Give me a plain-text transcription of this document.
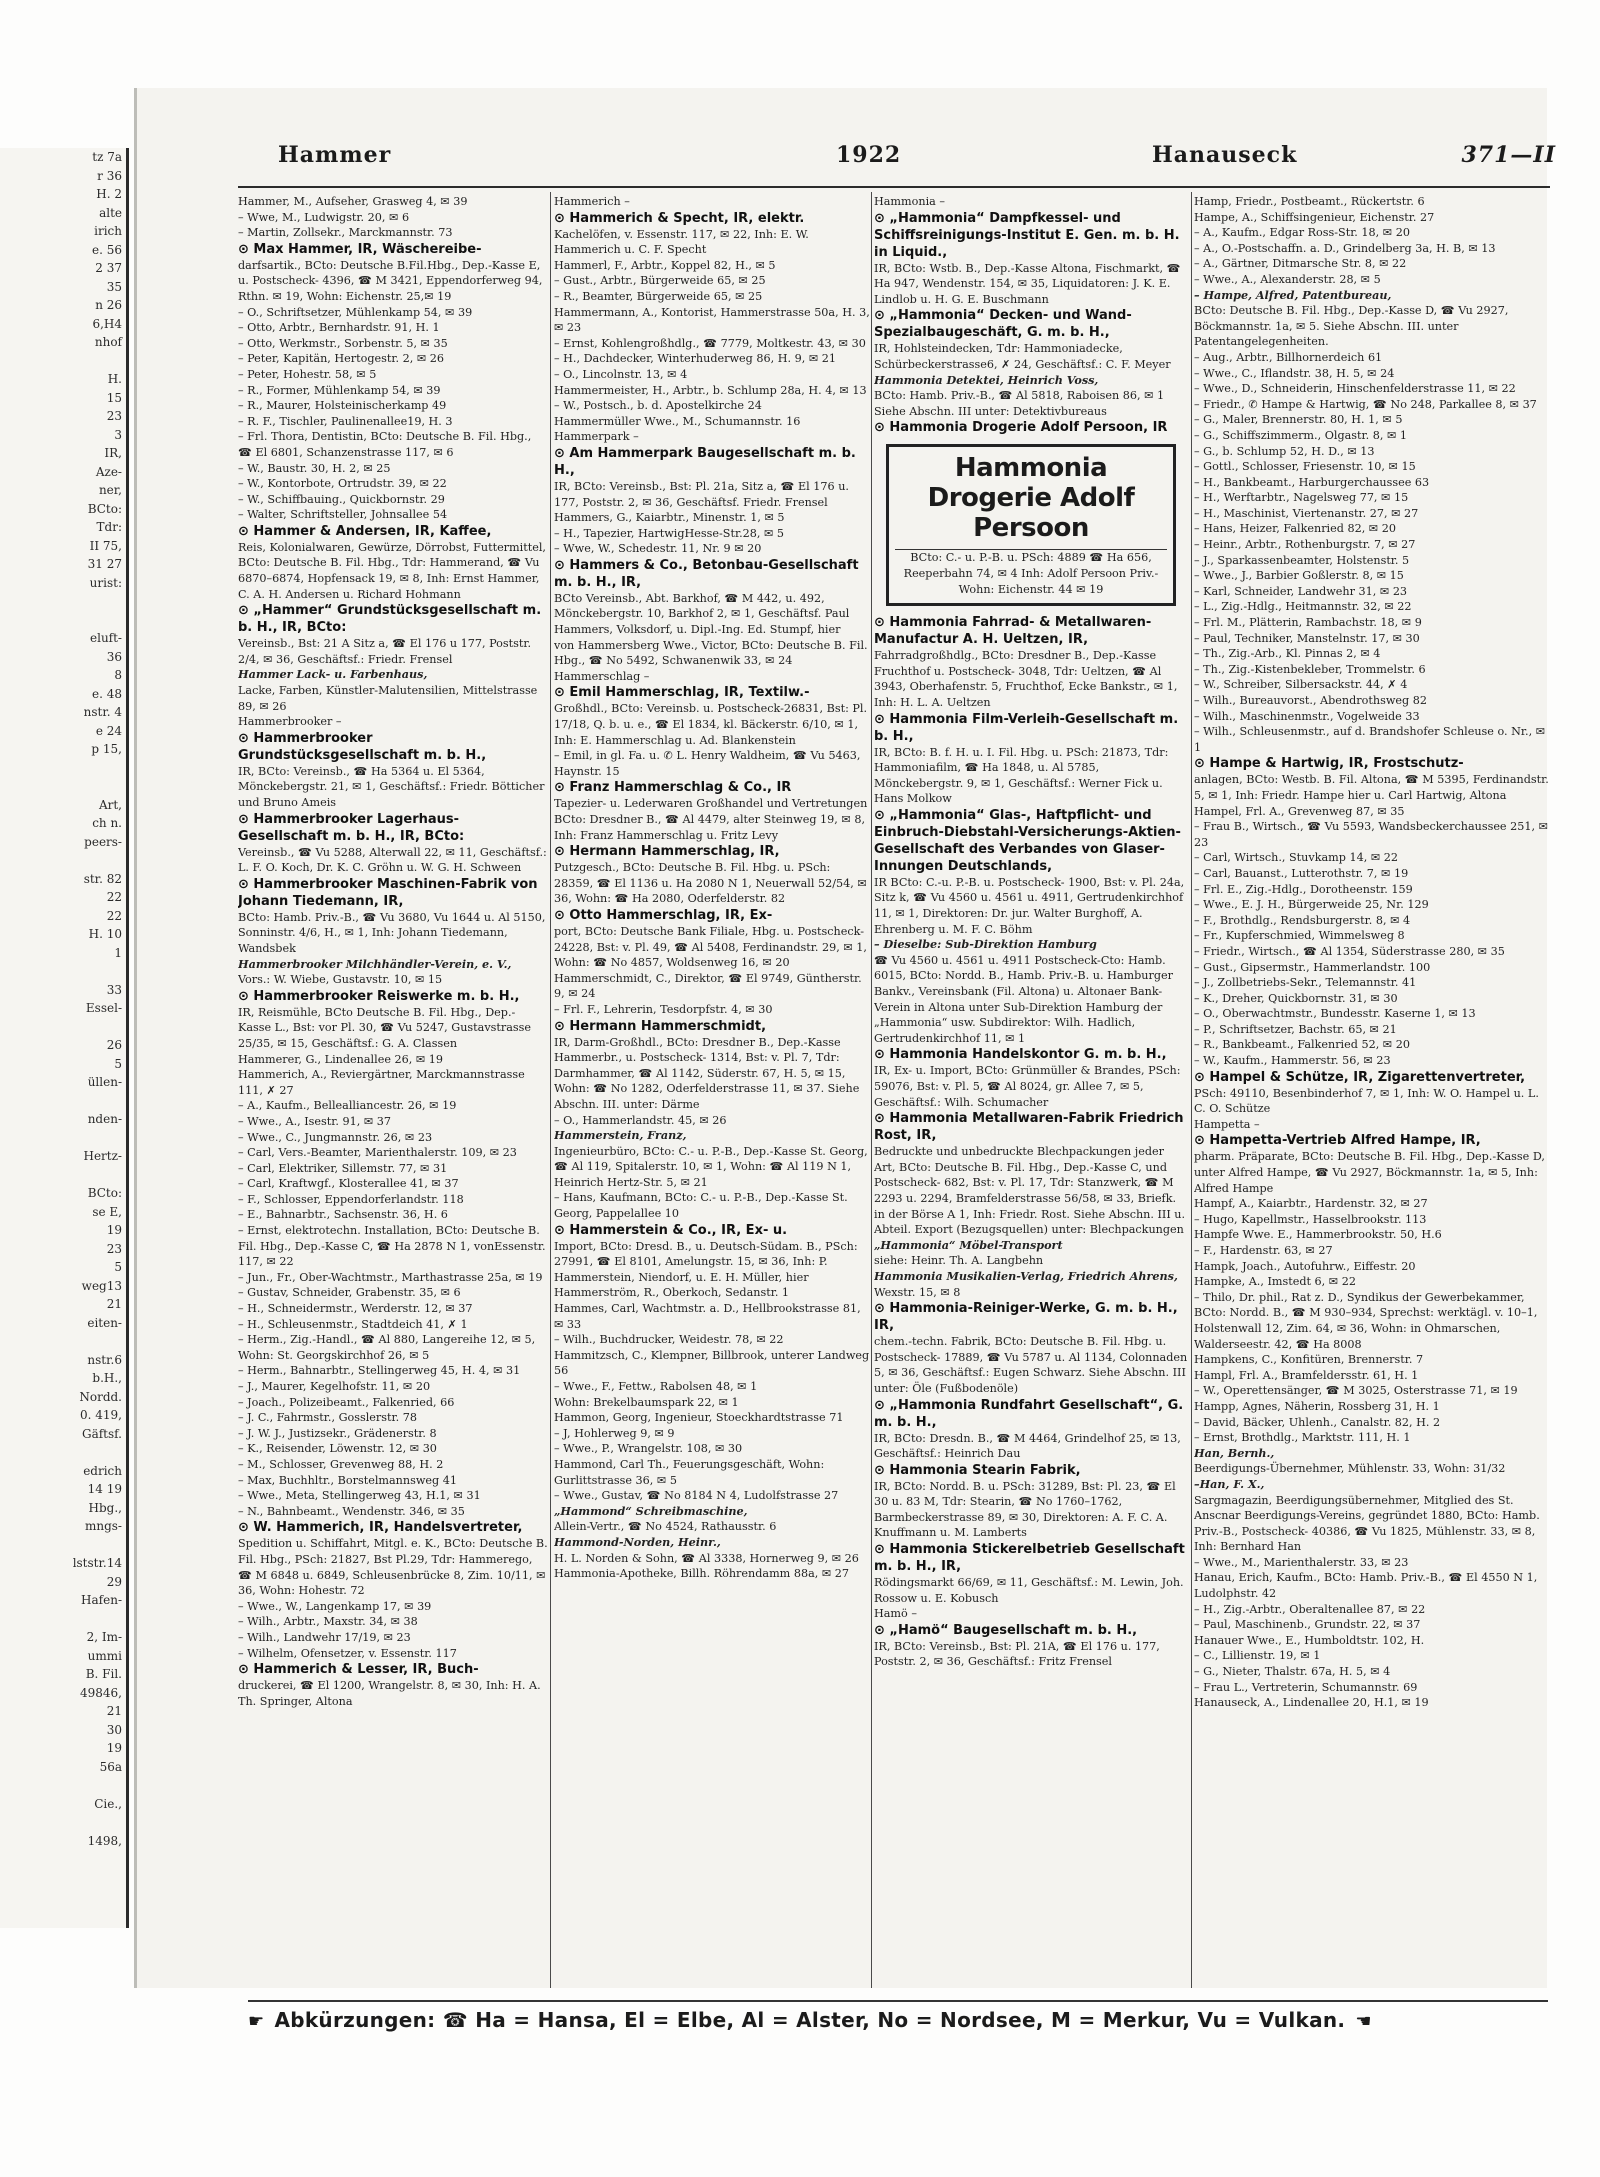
tz 7a
r 36
H. 2
alte
irich
e. 56
2 37
35
n 26
6,H4
nhof
H.
15
23
3
IR,
Aze-
ner,
BCto:
Tdr:
II 75,
31 27
urist:
eluft-
36
8
e. 48
nstr. 4
e 24
p 15,
Art,
ch n.
peers-
str. 82
22
22
H. 10
1
33
Essel-
26
5
üllen-
nden-
Hertz-
BCto:
se E,
19
23
5
weg13
21
eiten-
nstr.6
b.H.,
Nordd.
0. 419,
Gäftsf.
edrich
14 19
Hbg.,
mngs-
lststr.14
29
Hafen-
2, Im-
ummi
B. Fil.
49846,
21
30
19
56a
Cie.,
1498,
Hammer	1922	Hanauseck	371—II
Hammer, M., Aufseher, Grasweg 4, ✉ 39
– Wwe, M., Ludwigstr. 20, ✉ 6
– Martin, Zollsekr., Marckmannstr. 73
⊙ Max Hammer, IR, Wäschereibe-
darfsartik., BCto: Deutsche B.Fil.Hbg., Dep.-Kasse E, u. Postscheck- 4396, ☎ M 3421, Eppendorferweg 94, Rthn. ✉ 19, Wohn: Eichenstr. 25,✉ 19
– O., Schriftsetzer, Mühlenkamp 54, ✉ 39
– Otto, Arbtr., Bernhardstr. 91, H. 1
– Otto, Werkmstr., Sorbenstr. 5, ✉ 35
– Peter, Kapitän, Hertogestr. 2, ✉ 26
– Peter, Hohestr. 58, ✉ 5
– R., Former, Mühlenkamp 54, ✉ 39
– R., Maurer, Holsteinischerkamp 49
– R. F., Tischler, Paulinenallee19, H. 3
– Frl. Thora, Dentistin, BCto: Deutsche B. Fil. Hbg., ☎ El 6801, Schanzenstrasse 117, ✉ 6
– W., Baustr. 30, H. 2, ✉ 25
– W., Kontorbote, Ortrudstr. 39, ✉ 22
– W., Schiffbauing., Quickbornstr. 29
– Walter, Schriftsteller, Johnsallee 54
⊙ Hammer & Andersen, IR, Kaffee,
Reis, Kolonialwaren, Gewürze, Dörrobst, Futtermittel, BCto: Deutsche B. Fil. Hbg., Tdr: Hammerand, ☎ Vu 6870–6874, Hopfensack 19, ✉ 8, Inh: Ernst Hammer, C. A. H. Andersen u. Richard Hohmann
⊙ „Hammer“ Grundstücksgesellschaft m. b. H., IR, BCto:
Vereinsb., Bst: 21 A Sitz a, ☎ El 176 u 177, Poststr. 2/4, ✉ 36, Geschäftsf.: Friedr. Frensel
Hammer Lack- u. Farbenhaus,
Lacke, Farben, Künstler-Malutensilien, Mittelstrasse 89, ✉ 26
Hammerbrooker –
⊙ Hammerbrooker Grundstücksgesellschaft m. b. H.,
IR, BCto: Vereinsb., ☎ Ha 5364 u. El 5364, Mönckebergstr. 21, ✉ 1, Geschäftsf.: Friedr. Bötticher und Bruno Ameis
⊙ Hammerbrooker Lagerhaus-Gesellschaft m. b. H., IR, BCto:
Vereinsb., ☎ Vu 5288, Alterwall 22, ✉ 11, Geschäftsf.: L. F. O. Koch, Dr. K. C. Gröhn u. W. G. H. Schween
⊙ Hammerbrooker Maschinen-Fabrik von Johann Tiedemann, IR,
BCto: Hamb. Priv.-B., ☎ Vu 3680, Vu 1644 u. Al 5150, Sonninstr. 4/6, H., ✉ 1, Inh: Johann Tiedemann, Wandsbek
Hammerbrooker Milchhändler-Verein, e. V.,
Vors.: W. Wiebe, Gustavstr. 10, ✉ 15
⊙ Hammerbrooker Reiswerke m. b. H.,
IR, Reismühle, BCto Deutsche B. Fil. Hbg., Dep.-Kasse L., Bst: vor Pl. 30, ☎ Vu 5247, Gustavstrasse 25/35, ✉ 15, Geschäftsf.: G. A. Classen
Hammerer, G., Lindenallee 26, ✉ 19
Hammerich, A., Reviergärtner, Marckmannstrasse 111, ✗ 27
– A., Kaufm., Bellealliancestr. 26, ✉ 19
– Wwe., A., Isestr. 91, ✉ 37
– Wwe., C., Jungmannstr. 26, ✉ 23
– Carl, Vers.-Beamter, Marienthalerstr. 109, ✉ 23
– Carl, Elektriker, Sillemstr. 77, ✉ 31
– Carl, Kraftwgf., Klosterallee 41, ✉ 37
– F., Schlosser, Eppendorferlandstr. 118
– E., Bahnarbtr., Sachsenstr. 36, H. 6
– Ernst, elektrotechn. Installation, BCto: Deutsche B. Fil. Hbg., Dep.-Kasse C, ☎ Ha 2878 N 1, vonEssenstr. 117, ✉ 22
– Jun., Fr., Ober-Wachtmstr., Marthastrasse 25a, ✉ 19
– Gustav, Schneider, Grabenstr. 35, ✉ 6
– H., Schneidermstr., Werderstr. 12, ✉ 37
– H., Schleusenmstr., Stadtdeich 41, ✗ 1
– Herm., Zig.-Handl., ☎ Al 880, Langereihe 12, ✉ 5, Wohn: St. Georgskirchhof 26, ✉ 5
– Herm., Bahnarbtr., Stellingerweg 45, H. 4, ✉ 31
– J., Maurer, Kegelhofstr. 11, ✉ 20
– Joach., Polizeibeamt., Falkenried, 66
– J. C., Fahrmstr., Gosslerstr. 78
– J. W. J., Justizsekr., Grädenerstr. 8
– K., Reisender, Löwenstr. 12, ✉ 30
– M., Schlosser, Grevenweg 88, H. 2
– Max, Buchhltr., Borstelmannsweg 41
– Wwe., Meta, Stellingerweg 43, H.1, ✉ 31
– N., Bahnbeamt., Wendenstr. 346, ✉ 35
⊙ W. Hammerich, IR, Handelsvertreter,
Spedition u. Schiffahrt, Mitgl. e. K., BCto: Deutsche B. Fil. Hbg., PSch: 21827, Bst Pl.29, Tdr: Hammerego, ☎ M 6848 u. 6849, Schleusenbrücke 8, Zim. 10/11, ✉ 36, Wohn: Hohestr. 72
– Wwe., W., Langenkamp 17, ✉ 39
– Wilh., Arbtr., Maxstr. 34, ✉ 38
– Wilh., Landwehr 17/19, ✉ 23
– Wilhelm, Ofensetzer, v. Essenstr. 117
⊙ Hammerich & Lesser, IR, Buch-
druckerei, ☎ El 1200, Wrangelstr. 8, ✉ 30, Inh: H. A. Th. Springer, Altona
Hammerich –
⊙ Hammerich & Specht, IR, elektr.
Kachelöfen, v. Essenstr. 117, ✉ 22, Inh: E. W. Hammerich u. C. F. Specht
Hammerl, F., Arbtr., Koppel 82, H., ✉ 5
– Gust., Arbtr., Bürgerweide 65, ✉ 25
– R., Beamter, Bürgerweide 65, ✉ 25
Hammermann, A., Kontorist, Hammerstrasse 50a, H. 3, ✉ 23
– Ernst, Kohlengroßhdlg., ☎ 7779, Moltkestr. 43, ✉ 30
– H., Dachdecker, Winterhuderweg 86, H. 9, ✉ 21
– O., Lincolnstr. 13, ✉ 4
Hammermeister, H., Arbtr., b. Schlump 28a, H. 4, ✉ 13
– W., Postsch., b. d. Apostelkirche 24
Hammermüller Wwe., M., Schumannstr. 16
Hammerpark –
⊙ Am Hammerpark Baugesellschaft m. b. H.,
IR, BCto: Vereinsb., Bst: Pl. 21a, Sitz a, ☎ El 176 u. 177, Poststr. 2, ✉ 36, Geschäftsf. Friedr. Frensel
Hammers, G., Kaiarbtr., Minenstr. 1, ✉ 5
– H., Tapezier, HartwigHesse-Str.28, ✉ 5
– Wwe, W., Schedestr. 11, Nr. 9 ✉ 20
⊙ Hammers & Co., Betonbau-Gesellschaft m. b. H., IR,
BCto Vereinsb., Abt. Barkhof, ☎ M 442, u. 492, Mönckebergstr. 10, Barkhof 2, ✉ 1, Geschäftsf. Paul Hammers, Volksdorf, u. Dipl.-Ing. Ed. Stumpf, hier
von Hammersberg Wwe., Victor, BCto: Deutsche B. Fil. Hbg., ☎ No 5492, Schwanenwik 33, ✉ 24
Hammerschlag –
⊙ Emil Hammerschlag, IR, Textilw.-
Großhdl., BCto: Vereinsb. u. Postscheck-26831, Bst: Pl. 17/18, Q. b. u. e., ☎ El 1834, kl. Bäckerstr. 6/10, ✉ 1, Inh: E. Hammerschlag u. Ad. Blankenstein
– Emil, in gl. Fa. u. ✆ L. Henry Waldheim, ☎ Vu 5463, Haynstr. 15
⊙ Franz Hammerschlag & Co., IR
Tapezier- u. Lederwaren Großhandel und Vertretungen BCto: Dresdner B., ☎ Al 4479, alter Steinweg 19, ✉ 8, Inh: Franz Hammerschlag u. Fritz Levy
⊙ Hermann Hammerschlag, IR,
Putzgesch., BCto: Deutsche B. Fil. Hbg. u. PSch: 28359, ☎ El 1136 u. Ha 2080 N 1, Neuerwall 52/54, ✉ 36, Wohn: ☎ Ha 2080, Oderfelderstr. 82
⊙ Otto Hammerschlag, IR, Ex-
port, BCto: Deutsche Bank Filiale, Hbg. u. Postscheck- 24228, Bst: v. Pl. 49, ☎ Al 5408, Ferdinandstr. 29, ✉ 1, Wohn: ☎ No 4857, Woldsenweg 16, ✉ 20
Hammerschmidt, C., Direktor, ☎ El 9749, Güntherstr. 9, ✉ 24
– Frl. F., Lehrerin, Tesdorpfstr. 4, ✉ 30
⊙ Hermann Hammerschmidt,
IR, Darm-Großhdl., BCto: Dresdner B., Dep.-Kasse Hammerbr., u. Postscheck- 1314, Bst: v. Pl. 7, Tdr: Darmhammer, ☎ Al 1142, Süderstr. 67, H. 5, ✉ 15, Wohn: ☎ No 1282, Oderfelderstrasse 11, ✉ 37. Siehe Abschn. III. unter: Därme
– O., Hammerlandstr. 45, ✉ 26
Hammerstein, Franz,
Ingenieurbüro, BCto: C.- u. P.-B., Dep.-Kasse St. Georg, ☎ Al 119, Spitalerstr. 10, ✉ 1, Wohn: ☎ Al 119 N 1, Heinrich Hertz-Str. 5, ✉ 21
– Hans, Kaufmann, BCto: C.- u. P.-B., Dep.-Kasse St. Georg, Pappelallee 10
⊙ Hammerstein & Co., IR, Ex- u.
Import, BCto: Dresd. B., u. Deutsch-Südam. B., PSch: 27991, ☎ El 8101, Amelungstr. 15, ✉ 36, Inh: P. Hammerstein, Niendorf, u. E. H. Müller, hier
Hammerström, R., Oberkoch, Sedanstr. 1
Hammes, Carl, Wachtmstr. a. D., Hellbrookstrasse 81, ✉ 33
– Wilh., Buchdrucker, Weidestr. 78, ✉ 22
Hammitzsch, C., Klempner, Billbrook, unterer Landweg 56
– Wwe., F., Fettw., Rabolsen 48, ✉ 1
Wohn: Brekelbaumspark 22, ✉ 1
Hammon, Georg, Ingenieur, Stoeckhardtstrasse 71
– J, Hohlerweg 9, ✉ 9
– Wwe., P., Wrangelstr. 108, ✉ 30
Hammond, Carl Th., Feuerungsgeschäft, Wohn: Gurlittstrasse 36, ✉ 5
– Wwe., Gustav, ☎ No 8184 N 4, Ludolfstrasse 27
„Hammond“ Schreibmaschine,
Allein-Vertr., ☎ No 4524, Rathausstr. 6
Hammond-Norden, Heinr.,
H. L. Norden & Sohn, ☎ Al 3338, Hornerweg 9, ✉ 26
Hammonia-Apotheke, Billh. Röhrendamm 88a, ✉ 27
Hammonia –
⊙ „Hammonia“ Dampfkessel- und Schiffsreinigungs-Institut E. Gen. m. b. H. in Liquid.,
IR, BCto: Wstb. B., Dep.-Kasse Altona, Fischmarkt, ☎ Ha 947, Wendenstr. 154, ✉ 35, Liquidatoren: J. K. E. Lindlob u. H. G. E. Buschmann
⊙ „Hammonia“ Decken- und Wand-Spezialbaugeschäft, G. m. b. H.,
IR, Hohlsteindecken, Tdr: Hammoniadecke, Schürbeckerstrasse6, ✗ 24, Geschäftsf.: C. F. Meyer
Hammonia Detektei, Heinrich Voss,
BCto: Hamb. Priv.-B., ☎ Al 5818, Raboisen 86, ✉ 1
Siehe Abschn. III unter: Detektivbureaus
⊙ Hammonia Drogerie Adolf Persoon, IR
Hammonia Drogerie Adolf Persoon
BCto: C.- u. P.-B. u. PSch: 4889 ☎ Ha 656, Reeperbahn 74, ✉ 4 Inh: Adolf Persoon Priv.-Wohn: Eichenstr. 44 ✉ 19
⊙ Hammonia Fahrrad- & Metallwaren-Manufactur A. H. Ueltzen, IR,
Fahrradgroßhdlg., BCto: Dresdner B., Dep.-Kasse Fruchthof u. Postscheck- 3048, Tdr: Ueltzen, ☎ Al 3943, Oberhafenstr. 5, Fruchthof, Ecke Bankstr., ✉ 1, Inh: H. L. A. Ueltzen
⊙ Hammonia Film-Verleih-Gesellschaft m. b. H.,
IR, BCto: B. f. H. u. I. Fil. Hbg. u. PSch: 21873, Tdr: Hammoniafilm, ☎ Ha 1848, u. Al 5785, Mönckebergstr. 9, ✉ 1, Geschäftsf.: Werner Fick u. Hans Molkow
⊙ „Hammonia“ Glas-, Haftpflicht- und Einbruch-Diebstahl-Versicherungs-Aktien-Gesellschaft des Verbandes von Glaser-Innungen Deutschlands,
IR BCto: C.-u. P.-B. u. Postscheck- 1900, Bst: v. Pl. 24a, Sitz k, ☎ Vu 4560 u. 4561 u. 4911, Gertrudenkirchhof 11, ✉ 1, Direktoren: Dr. jur. Walter Burghoff, A. Ehrenberg u. M. F. C. Böhm
– Dieselbe: Sub-Direktion Hamburg
☎ Vu 4560 u. 4561 u. 4911 Postscheck-Cto: Hamb. 6015, BCto: Nordd. B., Hamb. Priv.-B. u. Hamburger Bankv., Vereinsbank (Fil. Altona) u. Altonaer Bank-Verein in Altona unter Sub-Direktion Hamburg der „Hammonia“ usw. Subdirektor: Wilh. Hadlich, Gertrudenkirchhof 11, ✉ 1
⊙ Hammonia Handelskontor G. m. b. H.,
IR, Ex- u. Import, BCto: Grünmüller & Brandes, PSch: 59076, Bst: v. Pl. 5, ☎ Al 8024, gr. Allee 7, ✉ 5, Geschäftsf.: Wilh. Schumacher
⊙ Hammonia Metallwaren-Fabrik Friedrich Rost, IR,
Bedruckte und unbedruckte Blechpackungen jeder Art, BCto: Deutsche B. Fil. Hbg., Dep.-Kasse C, und Postscheck- 682, Bst: v. Pl. 17, Tdr: Stanzwerk, ☎ M 2293 u. 2294, Bramfelderstrasse 56/58, ✉ 33, Briefk. in der Börse A 1, Inh: Friedr. Rost. Siehe Abschn. III u. Abteil. Export (Bezugsquellen) unter: Blechpackungen
„Hammonia“ Möbel-Transport
siehe: Heinr. Th. A. Langbehn
Hammonia Musikalien-Verlag, Friedrich Ahrens,
Wexstr. 15, ✉ 8
⊙ Hammonia-Reiniger-Werke, G. m. b. H., IR,
chem.-techn. Fabrik, BCto: Deutsche B. Fil. Hbg. u. Postscheck- 17889, ☎ Vu 5787 u. Al 1134, Colonnaden 5, ✉ 36, Geschäftsf.: Eugen Schwarz. Siehe Abschn. III unter: Öle (Fußbodenöle)
⊙ „Hammonia Rundfahrt Gesellschaft“, G. m. b. H.,
IR, BCto: Dresdn. B., ☎ M 4464, Grindelhof 25, ✉ 13, Geschäftsf.: Heinrich Dau
⊙ Hammonia Stearin Fabrik,
IR, BCto: Nordd. B. u. PSch: 31289, Bst: Pl. 23, ☎ El 30 u. 83 M, Tdr: Stearin, ☎ No 1760–1762, Barmbeckerstrasse 89, ✉ 30, Direktoren: A. F. C. A. Knuffmann u. M. Lamberts
⊙ Hammonia Stickerelbetrieb Gesellschaft m. b. H., IR,
Rödingsmarkt 66/69, ✉ 11, Geschäftsf.: M. Lewin, Joh. Rossow u. E. Kobusch
Hamö –
⊙ „Hamö“ Baugesellschaft m. b. H.,
IR, BCto: Vereinsb., Bst: Pl. 21A, ☎ El 176 u. 177, Poststr. 2, ✉ 36, Geschäftsf.: Fritz Frensel
Hamp, Friedr., Postbeamt., Rückertstr. 6
Hampe, A., Schiffsingenieur, Eichenstr. 27
– A., Kaufm., Edgar Ross-Str. 18, ✉ 20
– A., O.-Postschaffn. a. D., Grindelberg 3a, H. B, ✉ 13
– A., Gärtner, Ditmarsche Str. 8, ✉ 22
– Wwe., A., Alexanderstr. 28, ✉ 5
– Hampe, Alfred, Patentbureau,
BCto: Deutsche B. Fil. Hbg., Dep.-Kasse D, ☎ Vu 2927, Böckmannstr. 1a, ✉ 5. Siehe Abschn. III. unter Patentangelegenheiten.
– Aug., Arbtr., Billhornerdeich 61
– Wwe., C., Iflandstr. 38, H. 5, ✉ 24
– Wwe., D., Schneiderin, Hinschenfelderstrasse 11, ✉ 22
– Friedr., ✆ Hampe & Hartwig, ☎ No 248, Parkallee 8, ✉ 37
– G., Maler, Brennerstr. 80, H. 1, ✉ 5
– G., Schiffszimmerm., Olgastr. 8, ✉ 1
– G., b. Schlump 52, H. D., ✉ 13
– Gottl., Schlosser, Friesenstr. 10, ✉ 15
– H., Bankbeamt., Harburgerchaussee 63
– H., Werftarbtr., Nagelsweg 77, ✉ 15
– H., Maschinist, Viertenanstr. 27, ✉ 27
– Hans, Heizer, Falkenried 82, ✉ 20
– Heinr., Arbtr., Rothenburgstr. 7, ✉ 27
– J., Sparkassenbeamter, Holstenstr. 5
– Wwe., J., Barbier Goßlerstr. 8, ✉ 15
– Karl, Schneider, Landwehr 31, ✉ 23
– L., Zig.-Hdlg., Heitmannstr. 32, ✉ 22
– Frl. M., Plätterin, Rambachstr. 18, ✉ 9
– Paul, Techniker, Manstelnstr. 17, ✉ 30
– Th., Zig.-Arb., Kl. Pinnas 2, ✉ 4
– Th., Zig.-Kistenbekleber, Trommelstr. 6
– W., Schreiber, Silbersackstr. 44, ✗ 4
– Wilh., Bureauvorst., Abendrothsweg 82
– Wilh., Maschinenmstr., Vogelweide 33
– Wilh., Schleusenmstr., auf d. Brandshofer Schleuse o. Nr., ✉ 1
⊙ Hampe & Hartwig, IR, Frostschutz-
anlagen, BCto: Westb. B. Fil. Altona, ☎ M 5395, Ferdinandstr. 5, ✉ 1, Inh: Friedr. Hampe hier u. Carl Hartwig, Altona
Hampel, Frl. A., Grevenweg 87, ✉ 35
– Frau B., Wirtsch., ☎ Vu 5593, Wandsbeckerchaussee 251, ✉ 23
– Carl, Wirtsch., Stuvkamp 14, ✉ 22
– Carl, Bauanst., Lutterothstr. 7, ✉ 19
– Frl. E., Zig.-Hdlg., Dorotheenstr. 159
– Wwe., E. J. H., Bürgerweide 25, Nr. 129
– F., Brothdlg., Rendsburgerstr. 8, ✉ 4
– Fr., Kupferschmied, Wimmelsweg 8
– Friedr., Wirtsch., ☎ Al 1354, Süderstrasse 280, ✉ 35
– Gust., Gipsermstr., Hammerlandstr. 100
– J., Zollbetriebs-Sekr., Telemannstr. 41
– K., Dreher, Quickbornstr. 31, ✉ 30
– O., Oberwachtmstr., Bundesstr. Kaserne 1, ✉ 13
– P., Schriftsetzer, Bachstr. 65, ✉ 21
– R., Bankbeamt., Falkenried 52, ✉ 20
– W., Kaufm., Hammerstr. 56, ✉ 23
⊙ Hampel & Schütze, IR, Zigarettenvertreter,
PSch: 49110, Besenbinderhof 7, ✉ 1, Inh: W. O. Hampel u. L. C. O. Schütze
Hampetta –
⊙ Hampetta-Vertrieb Alfred Hampe, IR,
pharm. Präparate, BCto: Deutsche B. Fil. Hbg., Dep.-Kasse D, unter Alfred Hampe, ☎ Vu 2927, Böckmannstr. 1a, ✉ 5, Inh: Alfred Hampe
Hampf, A., Kaiarbtr., Hardenstr. 32, ✉ 27
– Hugo, Kapellmstr., Hasselbrookstr. 113
Hampfe Wwe. E., Hammerbrookstr. 50, H.6
– F., Hardenstr. 63, ✉ 27
Hampk, Joach., Autofuhrw., Eiffestr. 20
Hampke, A., Imstedt 6, ✉ 22
– Thilo, Dr. phil., Rat z. D., Syndikus der Gewerbekammer, BCto: Nordd. B., ☎ M 930–934, Sprechst: werktägl. v. 10–1, Holstenwall 12, Zim. 64, ✉ 36, Wohn: in Ohmarschen, Walderseestr. 42, ☎ Ha 8008
Hampkens, C., Konfitüren, Brennerstr. 7
Hampl, Frl. A., Bramfeldersstr. 61, H. 1
– W., Operettensänger, ☎ M 3025, Osterstrasse 71, ✉ 19
Hampp, Agnes, Näherin, Rossberg 31, H. 1
– David, Bäcker, Uhlenh., Canalstr. 82, H. 2
– Ernst, Brothdlg., Marktstr. 111, H. 1
Han, Bernh.,
Beerdigungs-Übernehmer, Mühlenstr. 33, Wohn: 31/32
–Han, F. X.,
Sargmagazin, Beerdigungsübernehmer, Mitglied des St. Anscnar Beerdigungs-Vereins, gegründet 1880, BCto: Hamb. Priv.-B., Postscheck- 40386, ☎ Vu 1825, Mühlenstr. 33, ✉ 8, Inh: Bernhard Han
– Wwe., M., Marienthalerstr. 33, ✉ 23
Hanau, Erich, Kaufm., BCto: Hamb. Priv.-B., ☎ El 4550 N 1, Ludolphstr. 42
– H., Zig.-Arbtr., Oberaltenallee 87, ✉ 22
– Paul, Maschinenb., Grundstr. 22, ✉ 37
Hanauer Wwe., E., Humboldtstr. 102, H.
– C., Lillienstr. 19, ✉ 1
– G., Nieter, Thalstr. 67a, H. 5, ✉ 4
– Frau L., Vertreterin, Schumannstr. 69
Hanauseck, A., Lindenallee 20, H.1, ✉ 19
☛ Abkürzungen: ☎ Ha = Hansa, El = Elbe, Al = Alster, No = Nordsee, M = Merkur, Vu = Vulkan. ☚
